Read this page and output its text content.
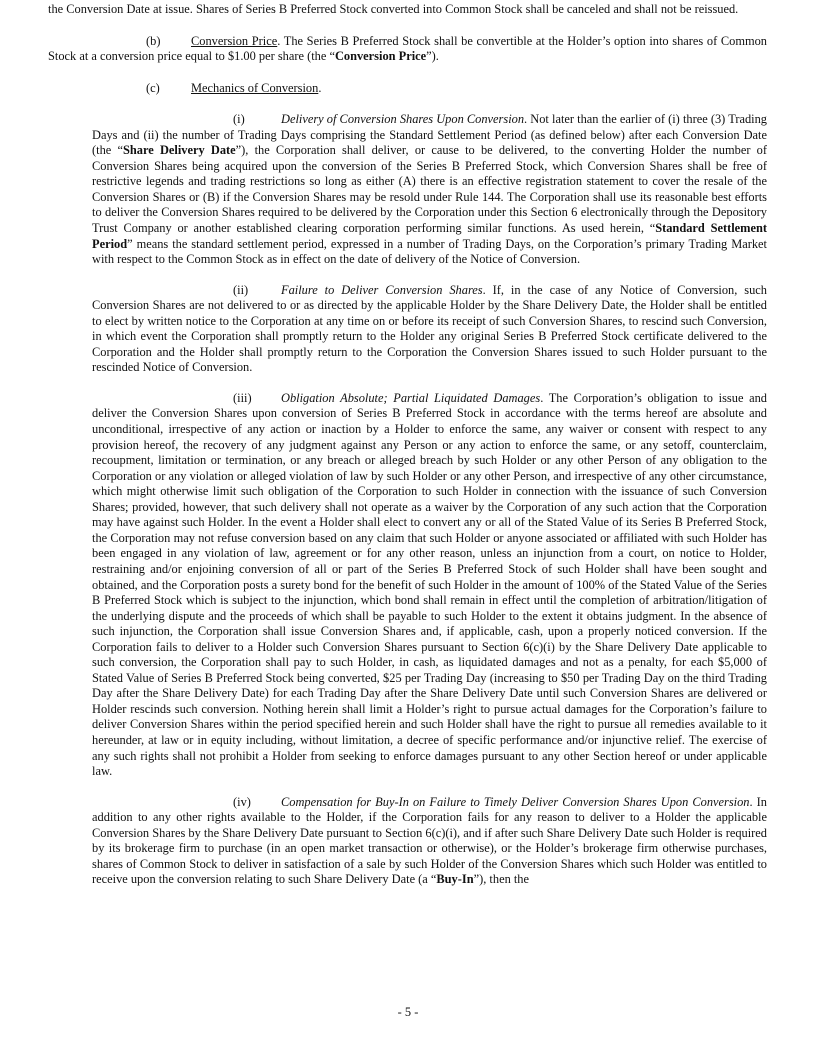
the Conversion Date at issue. Shares of Series B Preferred Stock converted into Common Stock shall be canceled and shall not be reissued.

(b) Conversion Price. The Series B Preferred Stock shall be convertible at the Holder’s option into shares of Common Stock at a conversion price equal to $1.00 per share (the “Conversion Price”).

(c)	Mechanics of Conversion.

(i)	Delivery of Conversion Shares Upon Conversion. Not later than the earlier of (i) three (3) Trading Days and (ii) the number of Trading Days comprising the Standard Settlement Period (as defined below) after each Conversion Date (the “Share Delivery Date”), the Corporation shall deliver, or cause to be delivered, to the converting Holder the number of Conversion Shares being acquired upon the conversion of the Series B Preferred Stock, which Conversion Shares shall be free of restrictive legends and trading restrictions so long as either (A) there is an effective registration statement to cover the resale of the Conversion Shares or (B) if the Conversion Shares may be resold under Rule 144. The Corporation shall use its reasonable best efforts to deliver the Conversion Shares required to be delivered by the Corporation under this Section 6 electronically through the Depository Trust Company or another established clearing corporation performing similar functions. As used herein, “Standard Settlement Period” means the standard settlement period, expressed in a number of Trading Days, on the Corporation’s primary Trading Market with respect to the Common Stock as in effect on the date of delivery of the Notice of Conversion.

(ii)	Failure to Deliver Conversion Shares. If, in the case of any Notice of Conversion, such Conversion Shares are not delivered to or as directed by the applicable Holder by the Share Delivery Date, the Holder shall be entitled to elect by written notice to the Corporation at any time on or before its receipt of such Conversion Shares, to rescind such Conversion, in which event the Corporation shall promptly return to the Holder any original Series B Preferred Stock certificate delivered to the Corporation and the Holder shall promptly return to the Corporation the Conversion Shares issued to such Holder pursuant to the rescinded Notice of Conversion.

(iii) Obligation Absolute; Partial Liquidated Damages. The Corporation’s obligation to issue and deliver the Conversion Shares upon conversion of Series B Preferred Stock in accordance with the terms hereof are absolute and unconditional, irrespective of any action or inaction by a Holder to enforce the same, any waiver or consent with respect to any provision hereof, the recovery of any judgment against any Person or any action to enforce the same, or any setoff, counterclaim, recoupment, limitation or termination, or any breach or alleged breach by such Holder or any other Person of any obligation to the Corporation or any violation or alleged violation of law by such Holder or any other Person, and irrespective of any other circumstance, which might otherwise limit such obligation of the Corporation to such Holder in connection with the issuance of such Conversion Shares; provided, however, that such delivery shall not operate as a waiver by the Corporation of any such action that the Corporation may have against such Holder. In the event a Holder shall elect to convert any or all of the Stated Value of its Series B Preferred Stock, the Corporation may not refuse conversion based on any claim that such Holder or anyone associated or affiliated with such Holder has been engaged in any violation of law, agreement or for any other reason, unless an injunction from a court, on notice to Holder, restraining and/or enjoining conversion of all or part of the Series B Preferred Stock of such Holder shall have been sought and obtained, and the Corporation posts a surety bond for the benefit of such Holder in the amount of 100% of the Stated Value of the Series B Preferred Stock which is subject to the injunction, which bond shall remain in effect until the completion of arbitration/litigation of the underlying dispute and the proceeds of which shall be payable to such Holder to the extent it obtains judgment. In the absence of such injunction, the Corporation shall issue Conversion Shares and, if applicable, cash, upon a properly noticed conversion. If the Corporation fails to deliver to a Holder such Conversion Shares pursuant to Section 6(c)(i) by the Share Delivery Date applicable to such conversion, the Corporation shall pay to such Holder, in cash, as liquidated damages and not as a penalty, for each $5,000 of Stated Value of Series B Preferred Stock being converted, $25 per Trading Day (increasing to $50 per Trading Day on the third Trading Day after the Share Delivery Date) for each Trading Day after the Share Delivery Date until such Conversion Shares are delivered or Holder rescinds such conversion. Nothing herein shall limit a Holder’s right to pursue actual damages for the Corporation’s failure to deliver Conversion Shares within the period specified herein and such Holder shall have the right to pursue all remedies available to it hereunder, at law or in equity including, without limitation, a decree of specific performance and/or injunctive relief. The exercise of any such rights shall not prohibit a Holder from seeking to enforce damages pursuant to any other Section hereof or under applicable law.

(iv) Compensation for Buy-In on Failure to Timely Deliver Conversion Shares Upon Conversion. In addition to any other rights available to the Holder, if the Corporation fails for any reason to deliver to a Holder the applicable Conversion Shares by the Share Delivery Date pursuant to Section 6(c)(i), and if after such Share Delivery Date such Holder is required by its brokerage firm to purchase (in an open market transaction or otherwise), or the Holder’s brokerage firm otherwise purchases, shares of Common Stock to deliver in satisfaction of a sale by such Holder of the Conversion Shares which such Holder was entitled to receive upon the conversion relating to such Share Delivery Date (a “Buy-In”), then the

- 5 -
